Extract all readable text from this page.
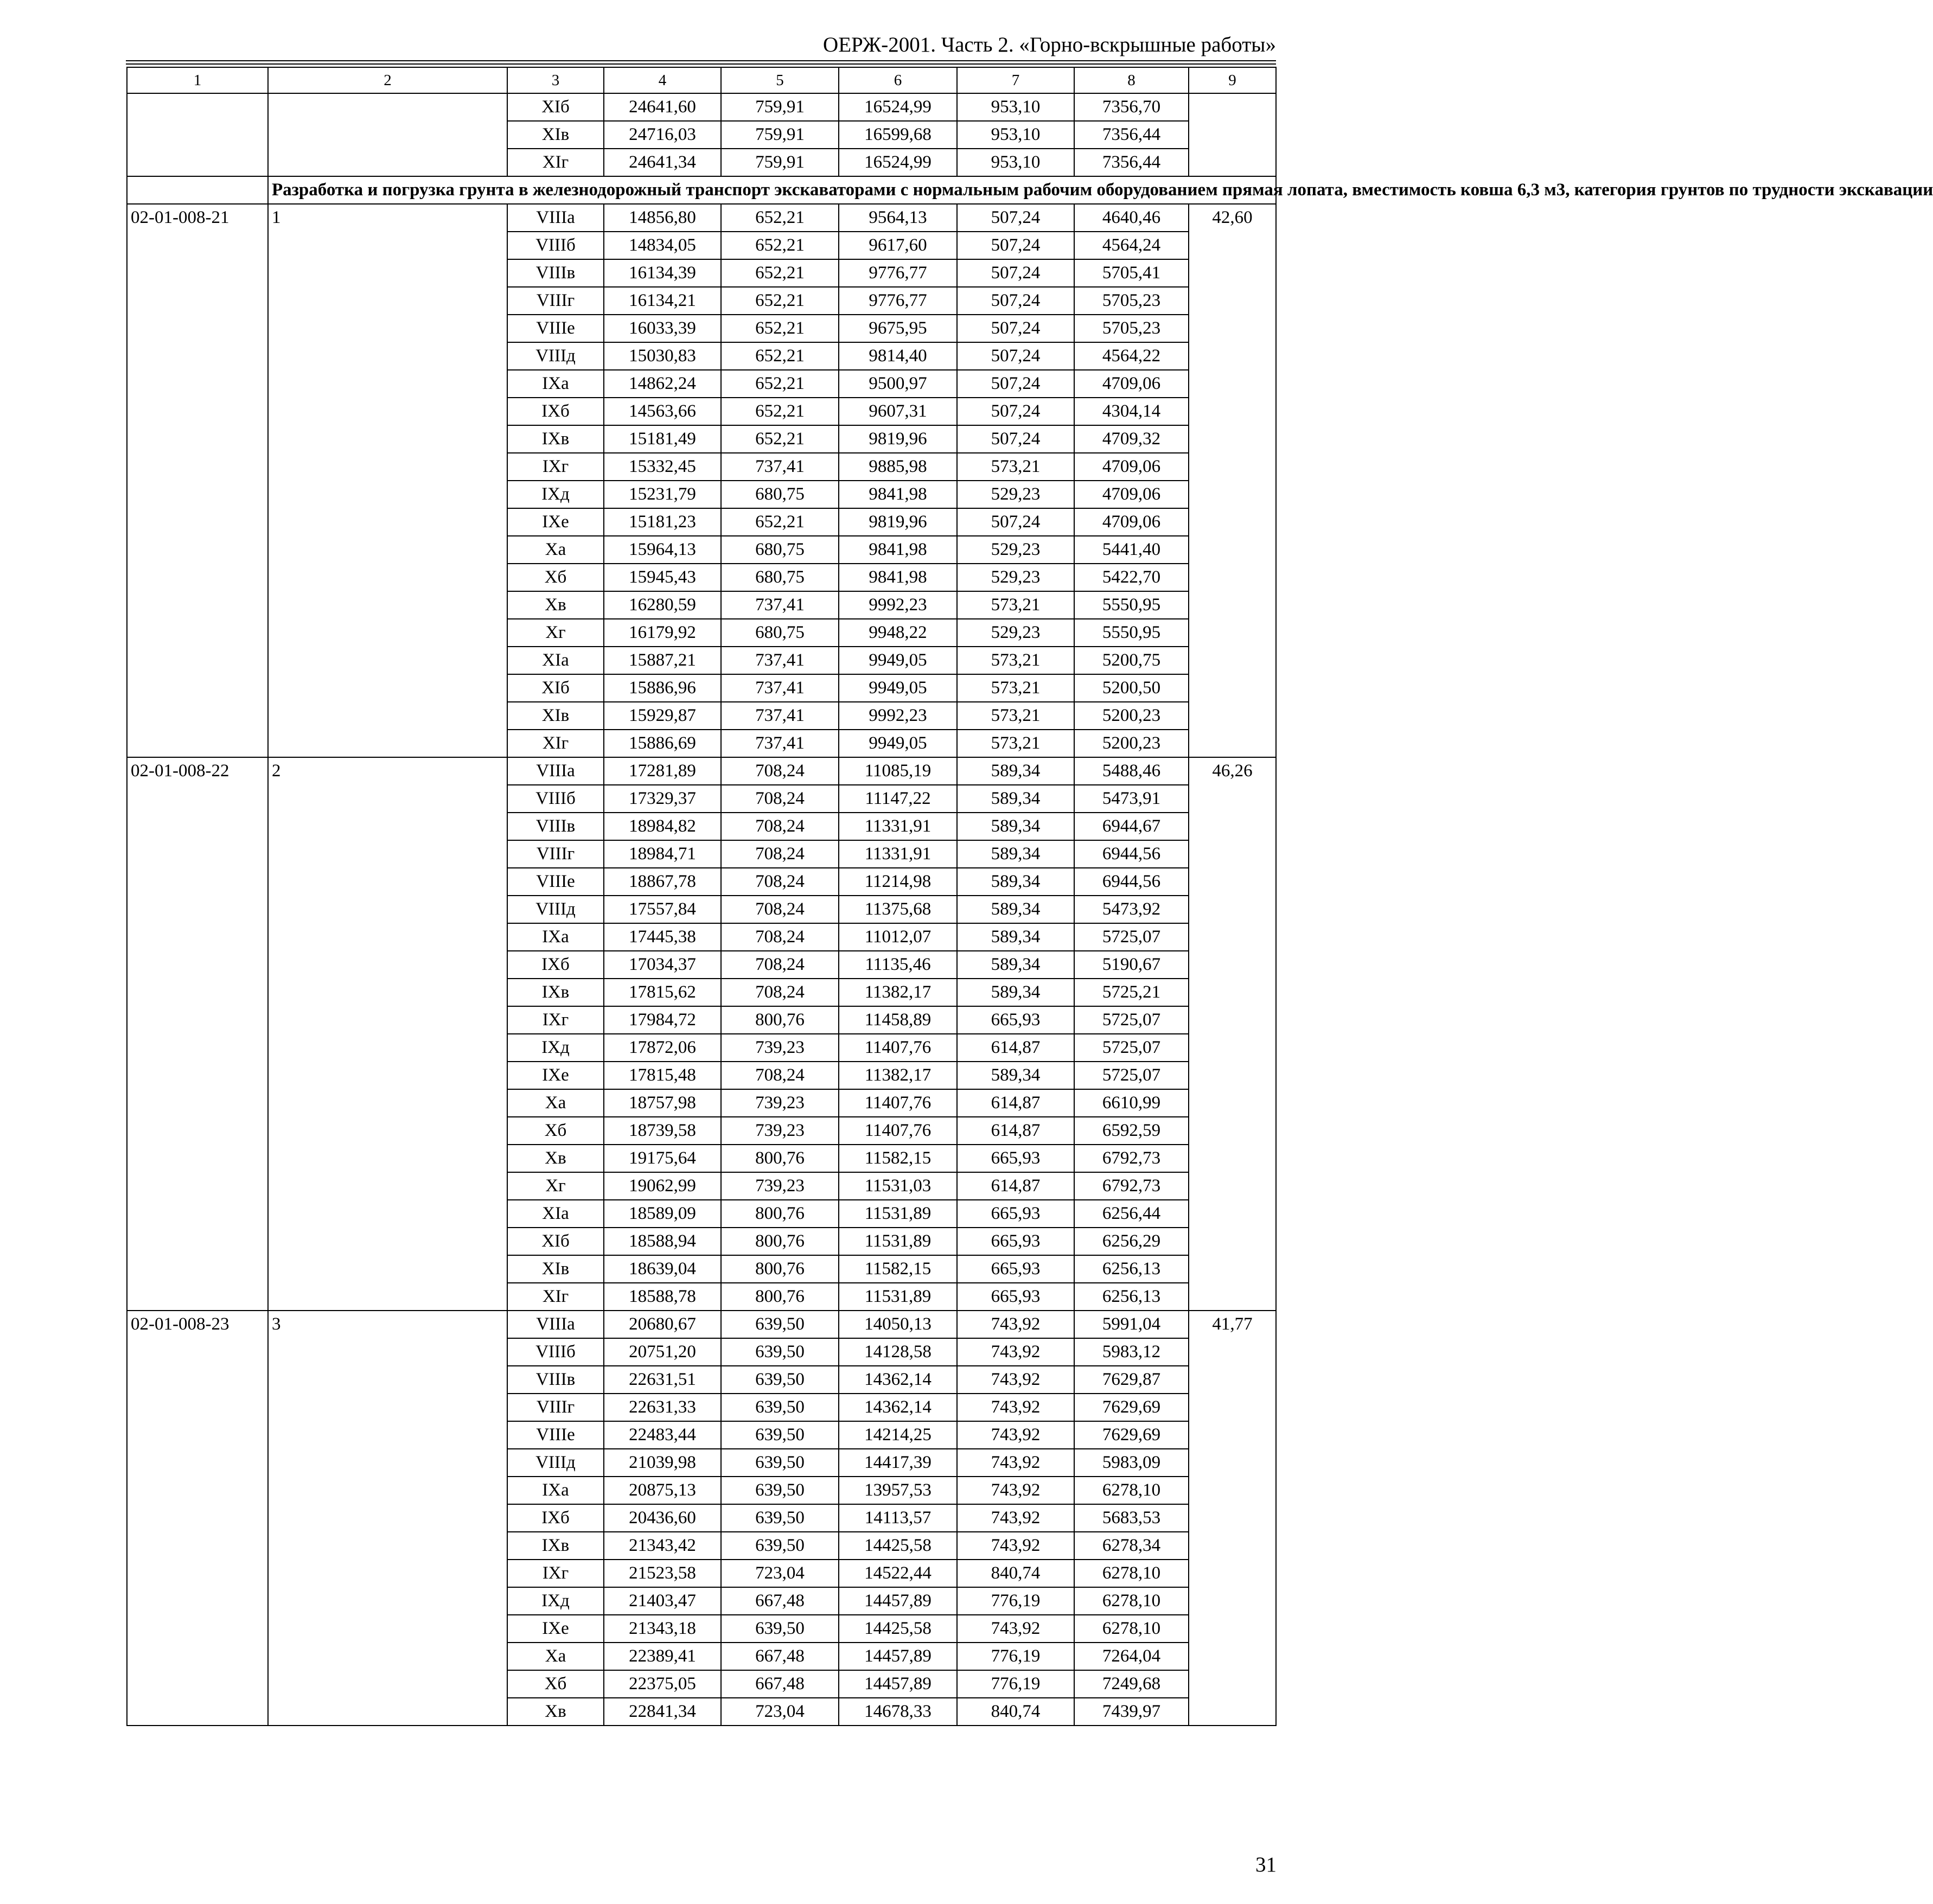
ОЕРЖ-2001. Часть 2. «Горно-вскрышные работы»
1	2	3	4	5	6	7	8	9
		XIб	24641,60	759,91	16524,99	953,10	7356,70	
		XIв	24716,03	759,91	16599,68	953,10	7356,44	
		XIг	24641,34	759,91	16524,99	953,10	7356,44	
	Разработка и погрузка грунта в железнодорожный транспорт экскаваторами с нормальным рабочим оборудованием прямая лопата, вместимость ковша 6,3 м3, категория грунтов по трудности экскавации							
02-01-008-21	1	VIIIа	14856,80	652,21	9564,13	507,24	4640,46	42,60
		VIIIб	14834,05	652,21	9617,60	507,24	4564,24	
		VIIIв	16134,39	652,21	9776,77	507,24	5705,41	
		VIIIг	16134,21	652,21	9776,77	507,24	5705,23	
		VIIIе	16033,39	652,21	9675,95	507,24	5705,23	
		VIIIд	15030,83	652,21	9814,40	507,24	4564,22	
		IXа	14862,24	652,21	9500,97	507,24	4709,06	
		IXб	14563,66	652,21	9607,31	507,24	4304,14	
		IXв	15181,49	652,21	9819,96	507,24	4709,32	
		IXг	15332,45	737,41	9885,98	573,21	4709,06	
		IXд	15231,79	680,75	9841,98	529,23	4709,06	
		IXе	15181,23	652,21	9819,96	507,24	4709,06	
		Xа	15964,13	680,75	9841,98	529,23	5441,40	
		Xб	15945,43	680,75	9841,98	529,23	5422,70	
		Xв	16280,59	737,41	9992,23	573,21	5550,95	
		Xг	16179,92	680,75	9948,22	529,23	5550,95	
		XIа	15887,21	737,41	9949,05	573,21	5200,75	
		XIб	15886,96	737,41	9949,05	573,21	5200,50	
		XIв	15929,87	737,41	9992,23	573,21	5200,23	
		XIг	15886,69	737,41	9949,05	573,21	5200,23	
02-01-008-22	2	VIIIа	17281,89	708,24	11085,19	589,34	5488,46	46,26
		VIIIб	17329,37	708,24	11147,22	589,34	5473,91	
		VIIIв	18984,82	708,24	11331,91	589,34	6944,67	
		VIIIг	18984,71	708,24	11331,91	589,34	6944,56	
		VIIIе	18867,78	708,24	11214,98	589,34	6944,56	
		VIIIд	17557,84	708,24	11375,68	589,34	5473,92	
		IXа	17445,38	708,24	11012,07	589,34	5725,07	
		IXб	17034,37	708,24	11135,46	589,34	5190,67	
		IXв	17815,62	708,24	11382,17	589,34	5725,21	
		IXг	17984,72	800,76	11458,89	665,93	5725,07	
		IXд	17872,06	739,23	11407,76	614,87	5725,07	
		IXе	17815,48	708,24	11382,17	589,34	5725,07	
		Xа	18757,98	739,23	11407,76	614,87	6610,99	
		Xб	18739,58	739,23	11407,76	614,87	6592,59	
		Xв	19175,64	800,76	11582,15	665,93	6792,73	
		Xг	19062,99	739,23	11531,03	614,87	6792,73	
		XIа	18589,09	800,76	11531,89	665,93	6256,44	
		XIб	18588,94	800,76	11531,89	665,93	6256,29	
		XIв	18639,04	800,76	11582,15	665,93	6256,13	
		XIг	18588,78	800,76	11531,89	665,93	6256,13	
02-01-008-23	3	VIIIа	20680,67	639,50	14050,13	743,92	5991,04	41,77
		VIIIб	20751,20	639,50	14128,58	743,92	5983,12	
		VIIIв	22631,51	639,50	14362,14	743,92	7629,87	
		VIIIг	22631,33	639,50	14362,14	743,92	7629,69	
		VIIIе	22483,44	639,50	14214,25	743,92	7629,69	
		VIIIд	21039,98	639,50	14417,39	743,92	5983,09	
		IXа	20875,13	639,50	13957,53	743,92	6278,10	
		IXб	20436,60	639,50	14113,57	743,92	5683,53	
		IXв	21343,42	639,50	14425,58	743,92	6278,34	
		IXг	21523,58	723,04	14522,44	840,74	6278,10	
		IXд	21403,47	667,48	14457,89	776,19	6278,10	
		IXе	21343,18	639,50	14425,58	743,92	6278,10	
		Xа	22389,41	667,48	14457,89	776,19	7264,04	
		Xб	22375,05	667,48	14457,89	776,19	7249,68	
		Xв	22841,34	723,04	14678,33	840,74	7439,97	
31
